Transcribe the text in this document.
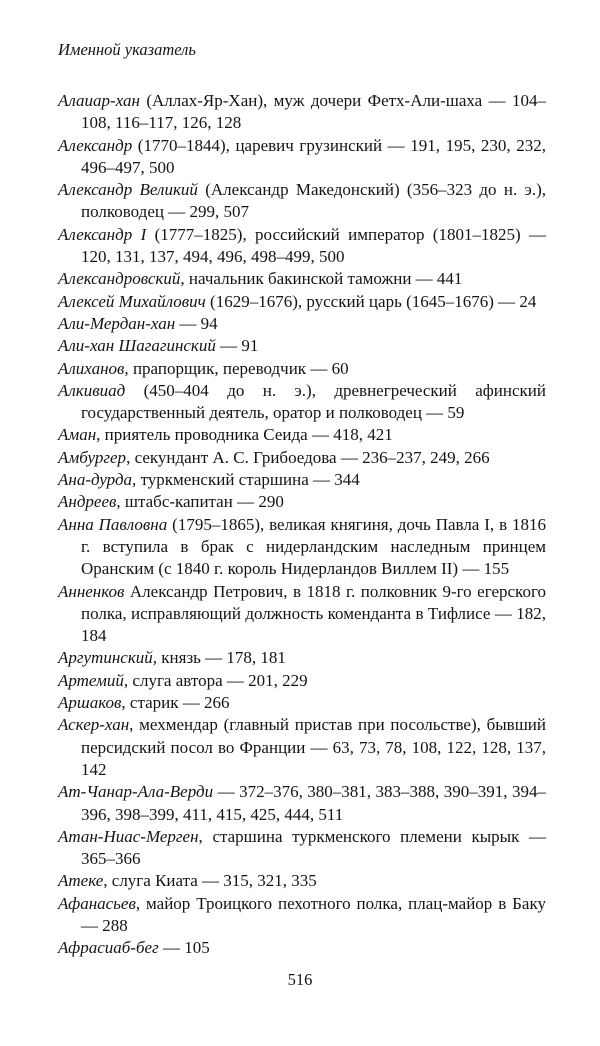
Именной указатель

Алаиар-хан (Аллах-Яр-Хан), муж дочери Фетх-Али-шаха — 104–108, 116–117, 126, 128

Александр (1770–1844), царевич грузинский — 191, 195, 230, 232, 496–497, 500

Александр Великий (Александр Македонский) (356–323 до н. э.), полководец — 299, 507

Александр I (1777–1825), российский император (1801–1825) — 120, 131, 137, 494, 496, 498–499, 500

Александровский, начальник бакинской таможни — 441

Алексей Михайлович (1629–1676), русский царь (1645–1676) — 24

Али-Мердан-хан — 94

Али-хан Шагагинский — 91

Алиханов, прапорщик, переводчик — 60

Алкивиад (450–404 до н. э.), древнегреческий афинский государственный деятель, оратор и полководец — 59

Аман, приятель проводника Сеида — 418, 421

Амбургер, секундант А. С. Грибоедова — 236–237, 249, 266

Ана-дурда, туркменский старшина — 344

Андреев, штабс-капитан — 290

Анна Павловна (1795–1865), великая княгиня, дочь Павла I, в 1816 г. вступила в брак с нидерландским наследным принцем Оранским (с 1840 г. король Нидерландов Виллем II) — 155

Анненков Александр Петрович, в 1818 г. полковник 9-го егерского полка, исправляющий должность коменданта в Тифлисе — 182, 184

Аргутинский, князь — 178, 181

Артемий, слуга автора — 201, 229

Аршаков, старик — 266

Аскер-хан, мехмендар (главный пристав при посольстве), бывший персидский посол во Франции — 63, 73, 78, 108, 122, 128, 137, 142

Ат-Чанар-Ала-Верди — 372–376, 380–381, 383–388, 390–391, 394–396, 398–399, 411, 415, 425, 444, 511

Атан-Ниас-Мерген, старшина туркменского племени кырык — 365–366

Атеке, слуга Киата — 315, 321, 335

Афанасьев, майор Троицкого пехотного полка, плац-майор в Баку — 288

Афрасиаб-бег — 105

516
